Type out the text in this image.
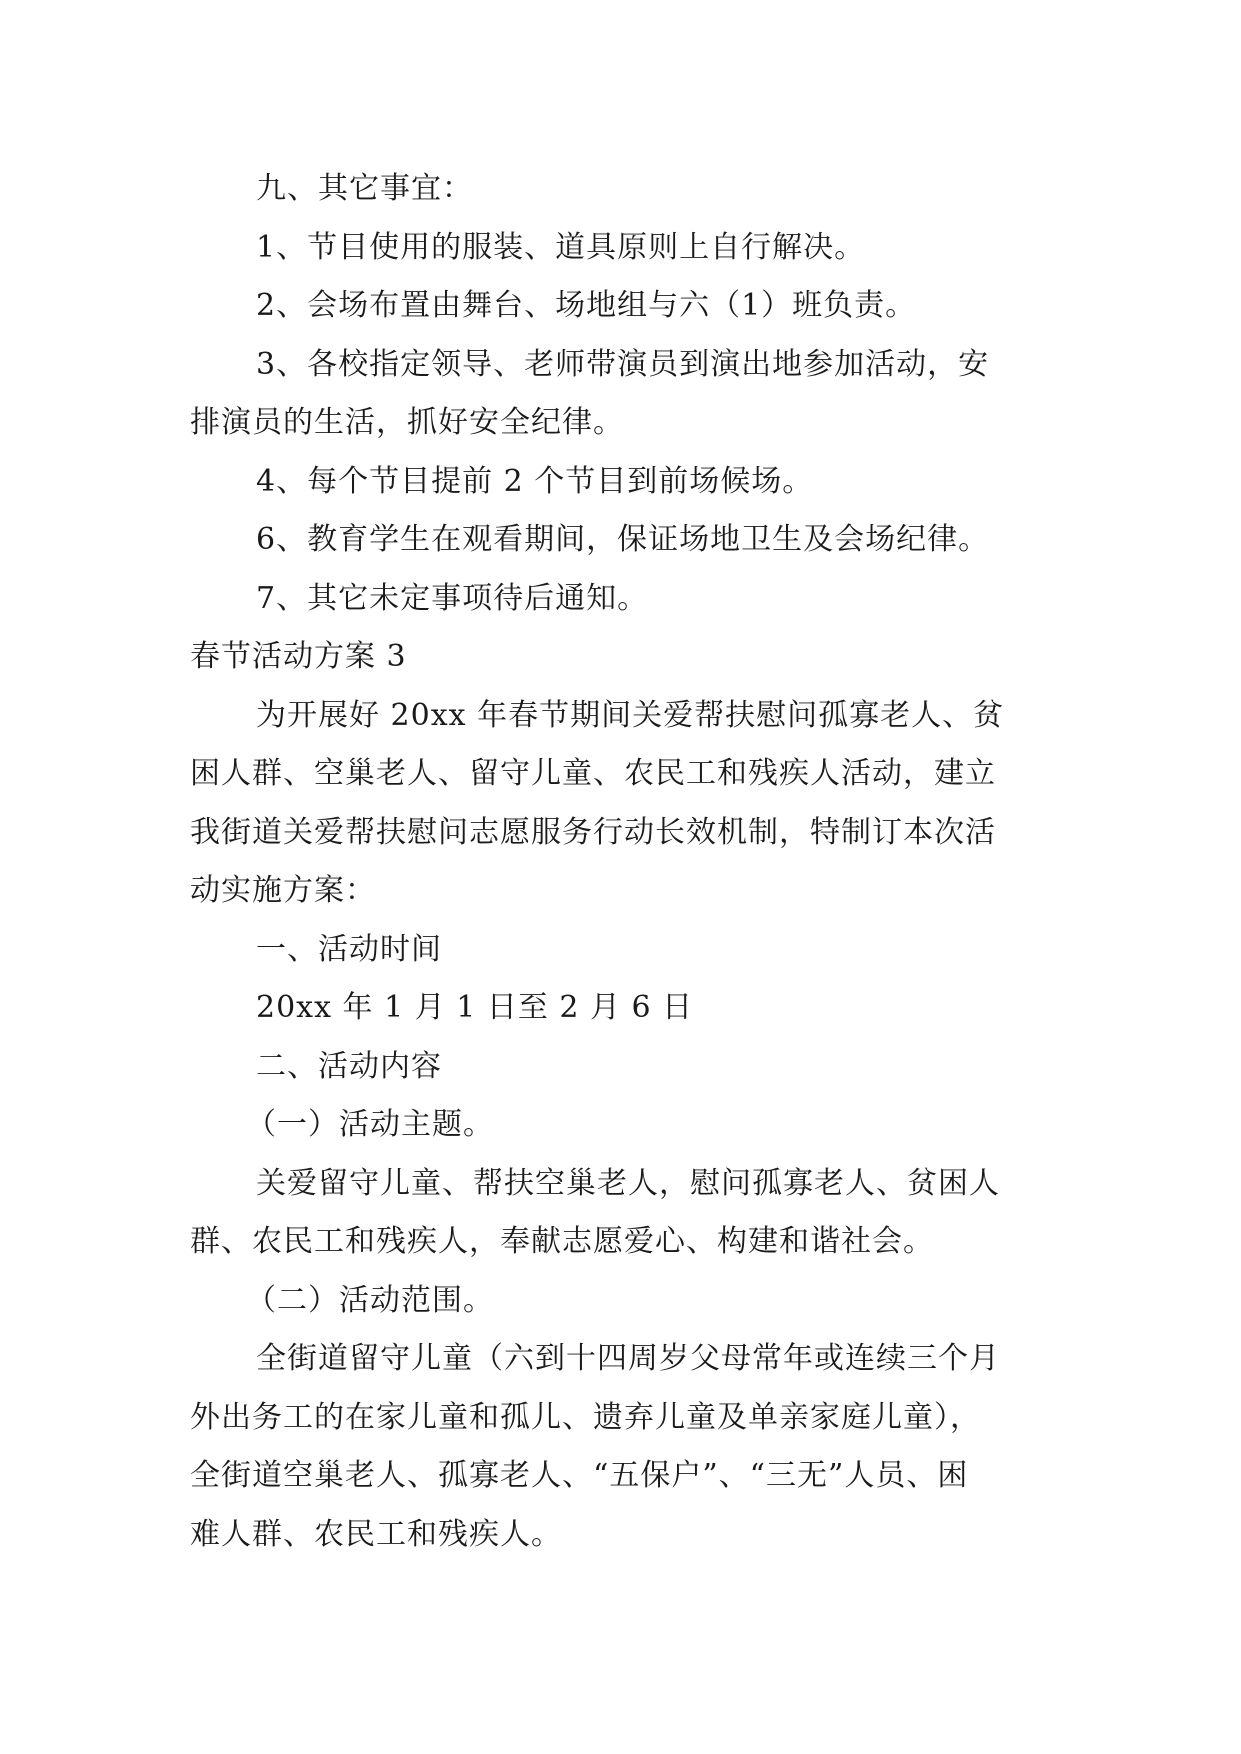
九、其它事宜：
1、节目使用的服装、道具原则上自行解决。
2、会场布置由舞台、场地组与六（1）班负责。
3、各校指定领导、老师带演员到演出地参加活动，安
排演员的生活，抓好安全纪律。
4、每个节目提前 2 个节目到前场候场。
6、教育学生在观看期间，保证场地卫生及会场纪律。
7、其它未定事项待后通知。
春节活动方案 3
为开展好 20xx 年春节期间关爱帮扶慰问孤寡老人、贫
困人群、空巢老人、留守儿童、农民工和残疾人活动，建立
我街道关爱帮扶慰问志愿服务行动长效机制，特制订本次活
动实施方案：
一、活动时间
20xx 年 1 月 1 日至 2 月 6 日
二、活动内容
（一）活动主题。
关爱留守儿童、帮扶空巢老人，慰问孤寡老人、贫困人
群、农民工和残疾人，奉献志愿爱心、构建和谐社会。
（二）活动范围。
全街道留守儿童（六到十四周岁父母常年或连续三个月
外出务工的在家儿童和孤儿、遗弃儿童及单亲家庭儿童），
全街道空巢老人、孤寡老人、“五保户”、“三无”人员、困
难人群、农民工和残疾人。
